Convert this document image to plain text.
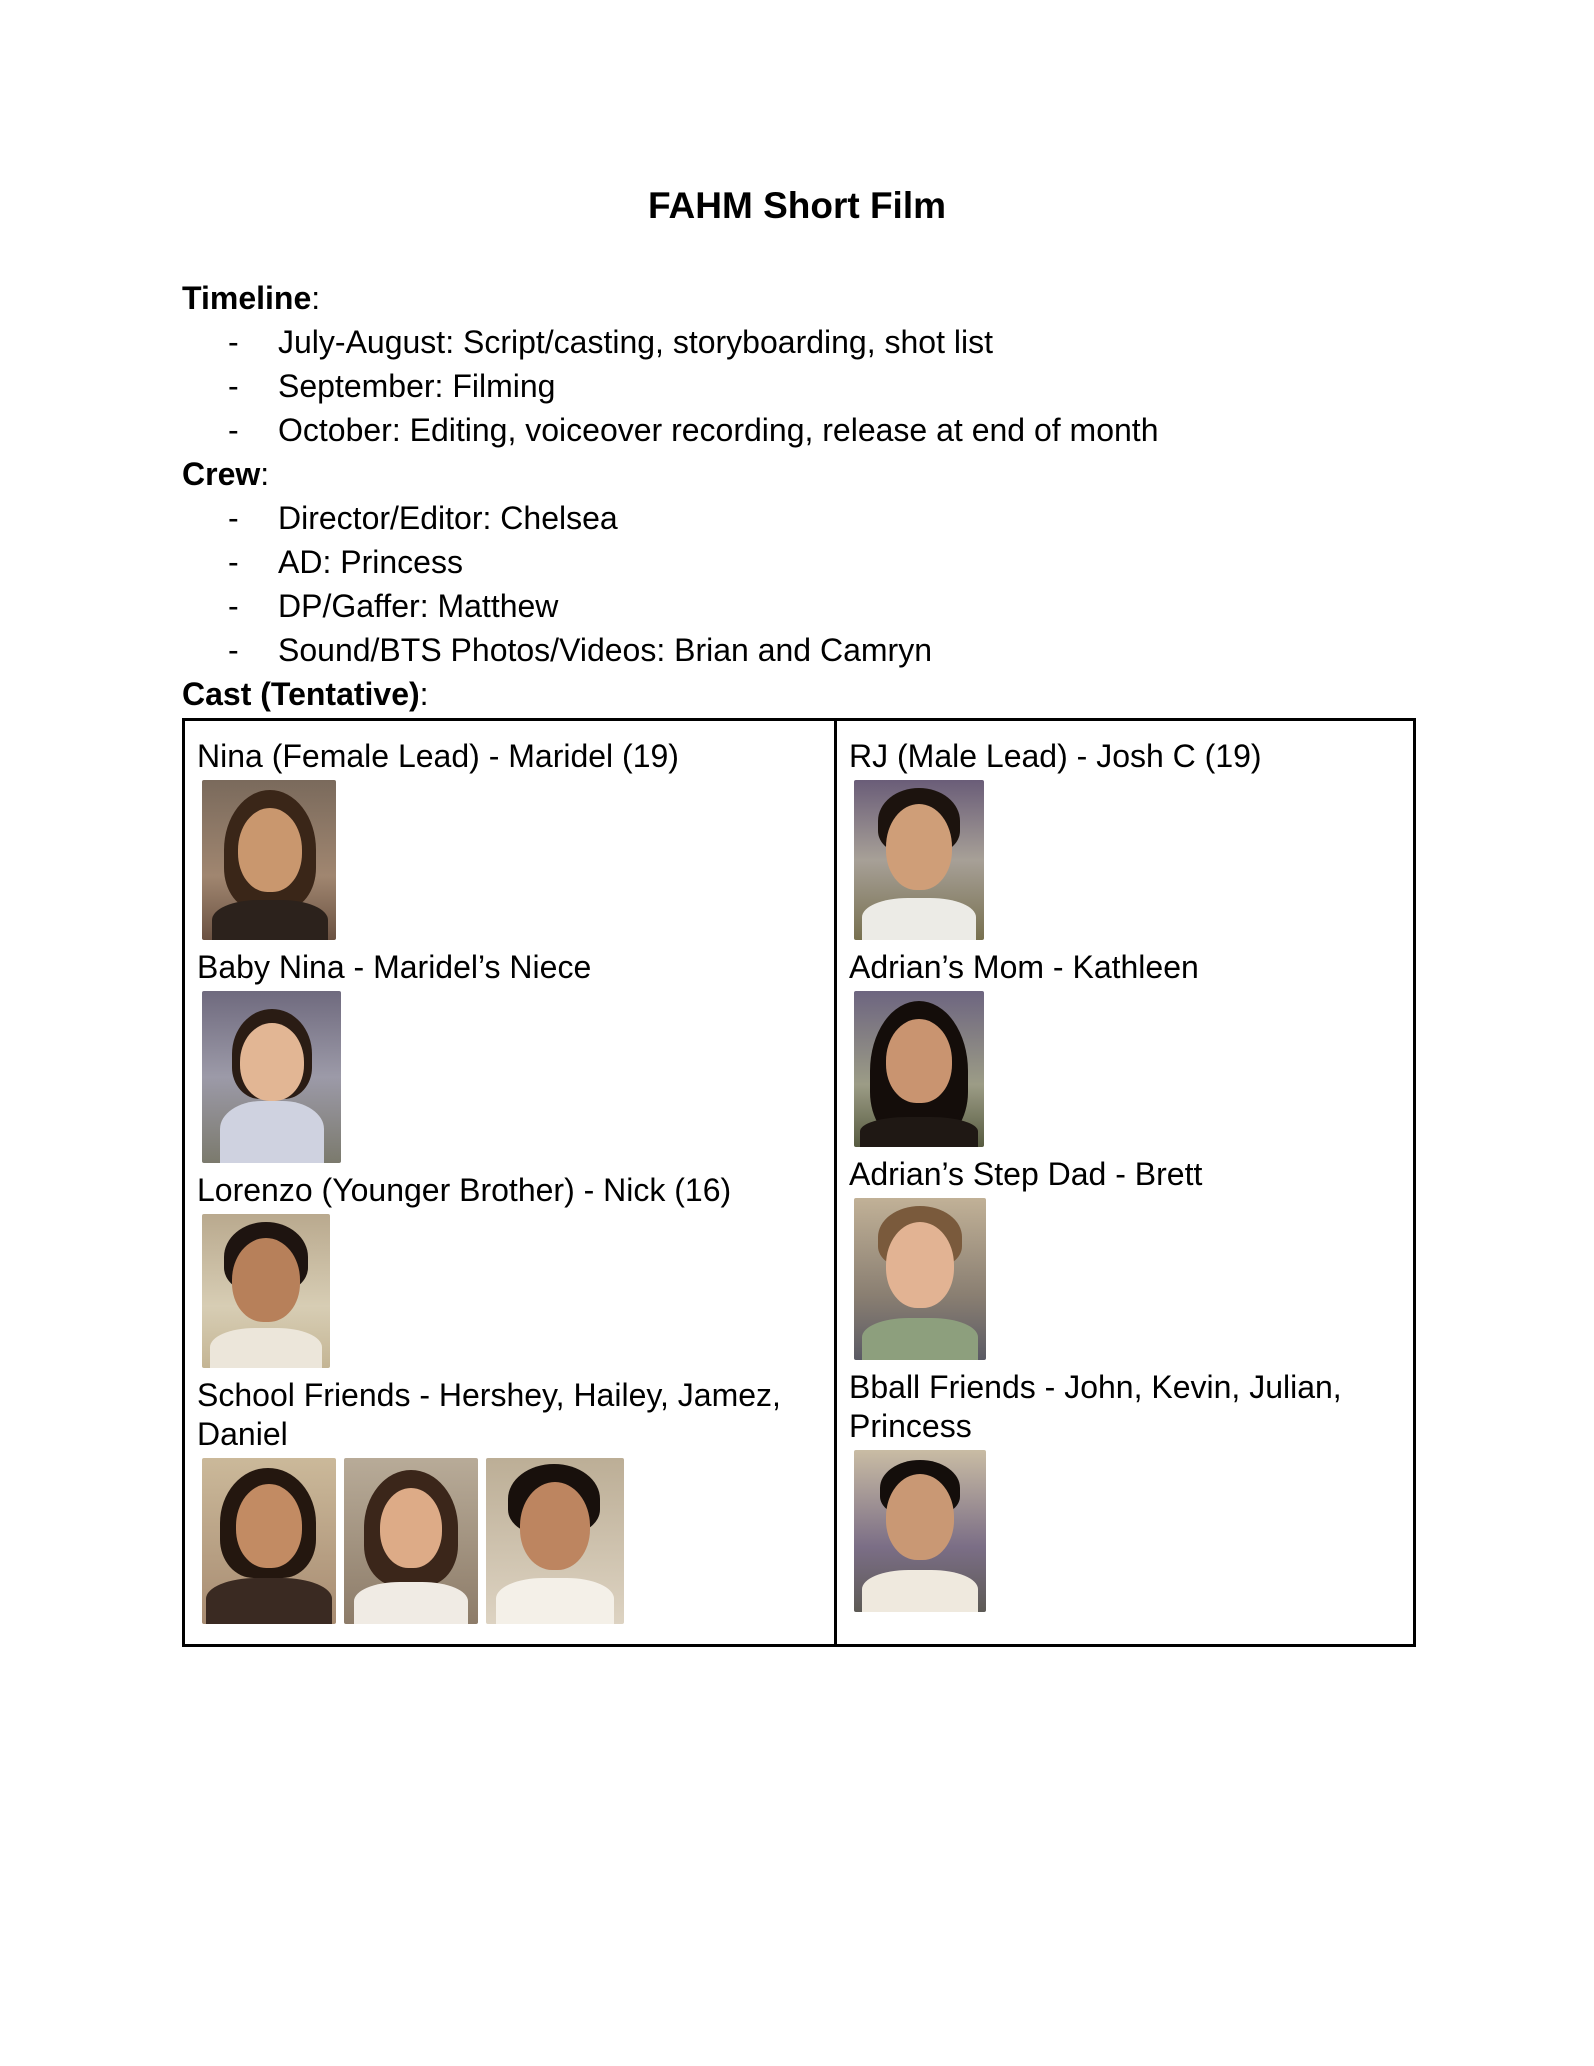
FAHM Short Film
Timeline:
- July-August: Script/casting, storyboarding, shot list
- September: Filming
- October: Editing, voiceover recording, release at end of month
Crew:
- Director/Editor: Chelsea
- AD: Princess
- DP/Gaffer: Matthew
- Sound/BTS Photos/Videos: Brian and Camryn
Cast (Tentative):
Nina (Female Lead) - Maridel (19)
Baby Nina - Maridel’s Niece
Lorenzo (Younger Brother) - Nick (16)
School Friends - Hershey, Hailey, Jamez, Daniel

RJ (Male Lead) - Josh C (19)
Adrian’s Mom - Kathleen
Adrian’s Step Dad - Brett
Bball Friends - John, Kevin, Julian, Princess
